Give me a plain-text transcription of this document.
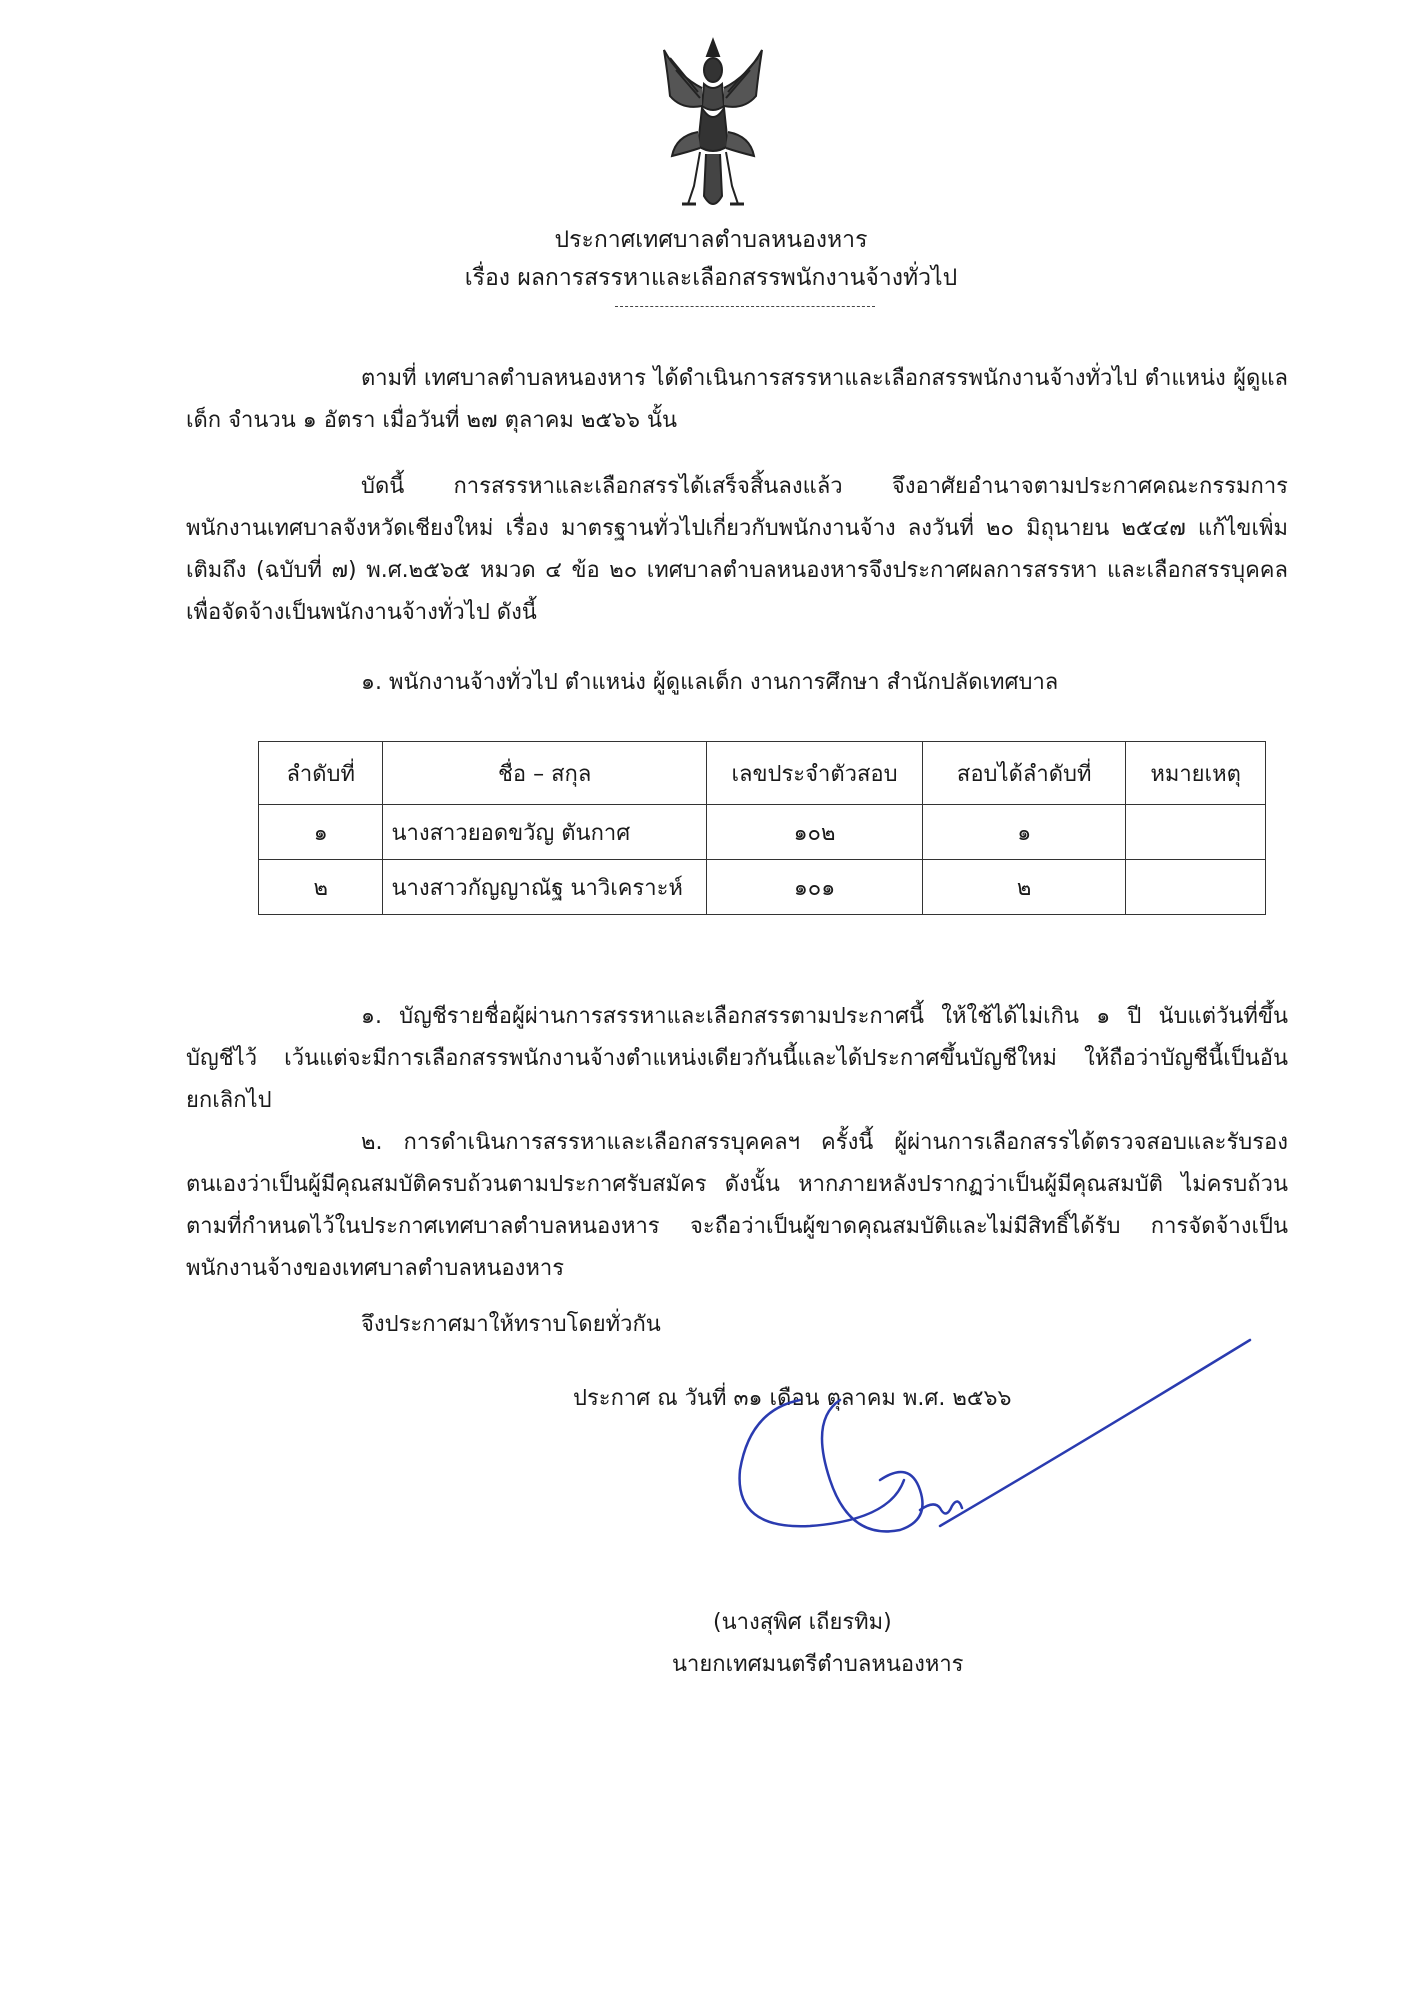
ประกาศเทศบาลตำบลหนองหาร
เรื่อง ผลการสรรหาและเลือกสรรพนักงานจ้างทั่วไป
ตามที่ เทศบาลตำบลหนองหาร ได้ดำเนินการสรรหาและเลือกสรรพนักงานจ้างทั่วไป ตำแหน่ง ผู้ดูแลเด็ก จำนวน ๑ อัตรา เมื่อวันที่ ๒๗ ตุลาคม ๒๕๖๖ นั้น
บัดนี้ การสรรหาและเลือกสรรได้เสร็จสิ้นลงแล้ว จึงอาศัยอำนาจตามประกาศคณะกรรมการ พนักงานเทศบาลจังหวัดเชียงใหม่ เรื่อง มาตรฐานทั่วไปเกี่ยวกับพนักงานจ้าง ลงวันที่ ๒๐ มิถุนายน ๒๕๔๗ แก้ไขเพิ่มเติมถึง (ฉบับที่ ๗) พ.ศ.๒๕๖๕ หมวด ๔ ข้อ ๒๐ เทศบาลตำบลหนองหารจึงประกาศผลการสรรหา และเลือกสรรบุคคลเพื่อจัดจ้างเป็นพนักงานจ้างทั่วไป ดังนี้
๑. พนักงานจ้างทั่วไป ตำแหน่ง ผู้ดูแลเด็ก งานการศึกษา สำนักปลัดเทศบาล
ลำดับที่	ชื่อ – สกุล	เลขประจำตัวสอบ	สอบได้ลำดับที่	หมายเหตุ
๑	นางสาวยอดขวัญ ตันกาศ	๑๐๒	๑	
๒	นางสาวกัญญาณัฐ นาวิเคราะห์	๑๐๑	๒	
๑. บัญชีรายชื่อผู้ผ่านการสรรหาและเลือกสรรตามประกาศนี้ ให้ใช้ได้ไม่เกิน ๑ ปี นับแต่วันที่ขึ้น บัญชีไว้ เว้นแต่จะมีการเลือกสรรพนักงานจ้างตำแหน่งเดียวกันนี้และได้ประกาศขึ้นบัญชีใหม่ ให้ถือว่าบัญชีนี้เป็นอัน ยกเลิกไป
๒. การดำเนินการสรรหาและเลือกสรรบุคคลฯ ครั้งนี้ ผู้ผ่านการเลือกสรรได้ตรวจสอบและรับรอง ตนเองว่าเป็นผู้มีคุณสมบัติครบถ้วนตามประกาศรับสมัคร ดังนั้น หากภายหลังปรากฏว่าเป็นผู้มีคุณสมบัติ ไม่ครบถ้วน ตามที่กำหนดไว้ในประกาศเทศบาลตำบลหนองหาร จะถือว่าเป็นผู้ขาดคุณสมบัติและไม่มีสิทธิ์ได้รับ การจัดจ้างเป็นพนักงานจ้างของเทศบาลตำบลหนองหาร
จึงประกาศมาให้ทราบโดยทั่วกัน
ประกาศ ณ วันที่ ๓๑ เดือน ตุลาคม พ.ศ. ๒๕๖๖
(นางสุพิศ เถียรทิม)
นายกเทศมนตรีตำบลหนองหาร
